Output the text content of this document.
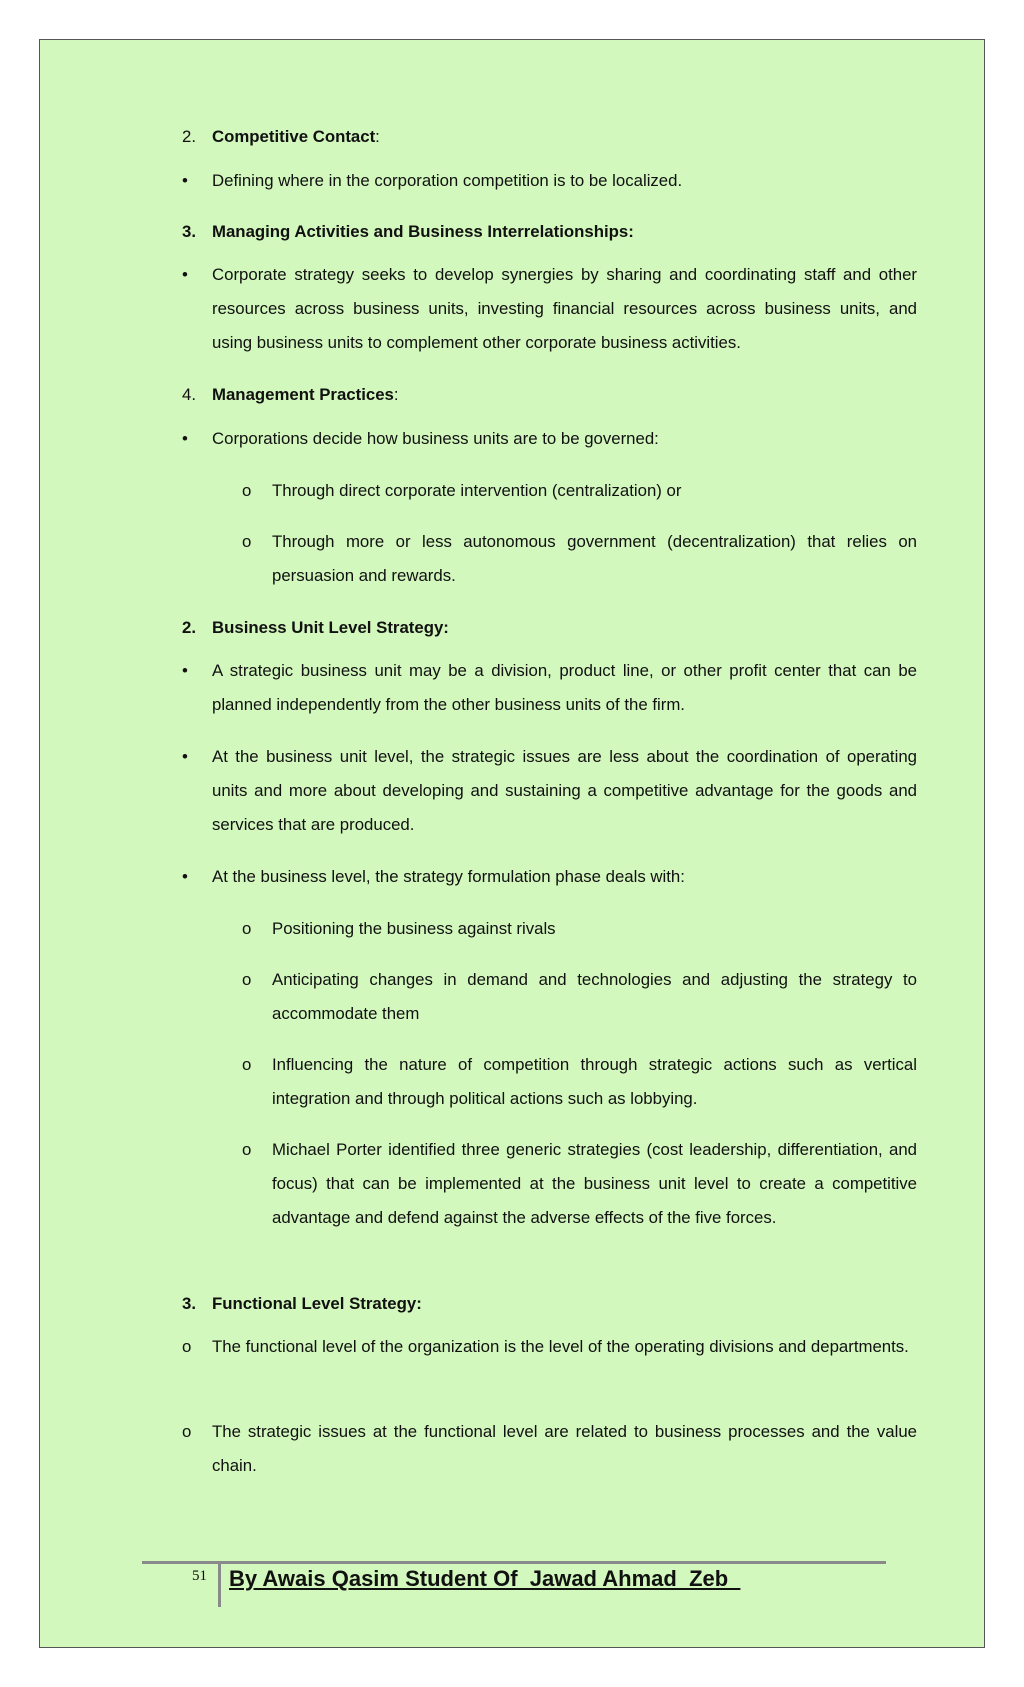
2. Competitive Contact:
• Defining where in the corporation competition is to be localized.
3. Managing Activities and Business Interrelationships:
• Corporate strategy seeks to develop synergies by sharing and coordinating staff and other resources across business units, investing financial resources across business units, and using business units to complement other corporate business activities.
4. Management Practices:
• Corporations decide how business units are to be governed:
o Through direct corporate intervention (centralization) or
o Through more or less autonomous government (decentralization) that relies on persuasion and rewards.
2. Business Unit Level Strategy:
• A strategic business unit may be a division, product line, or other profit center that can be planned independently from the other business units of the firm.
• At the business unit level, the strategic issues are less about the coordination of operating units and more about developing and sustaining a competitive advantage for the goods and services that are produced.
• At the business level, the strategy formulation phase deals with:
o Positioning the business against rivals
o Anticipating changes in demand and technologies and adjusting the strategy to accommodate them
o Influencing the nature of competition through strategic actions such as vertical integration and through political actions such as lobbying.
o Michael Porter identified three generic strategies (cost leadership, differentiation, and focus) that can be implemented at the business unit level to create a competitive advantage and defend against the adverse effects of the five forces.
3. Functional Level Strategy:
o The functional level of the organization is the level of the operating divisions and departments.
o The strategic issues at the functional level are related to business processes and the value chain.
51 By Awais Qasim Student Of  Jawad Ahmad  Zeb
